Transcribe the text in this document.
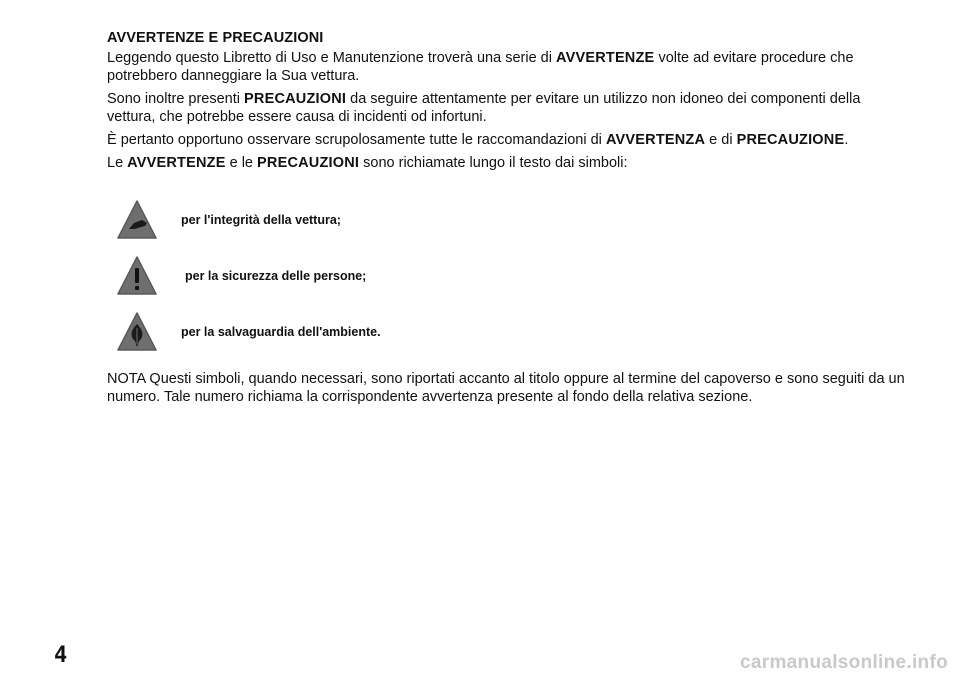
AVVERTENZE E PRECAUZIONI

Leggendo questo Libretto di Uso e Manutenzione troverà una serie di AVVERTENZE volte ad evitare procedure che potrebbero danneggiare la Sua vettura.

Sono inoltre presenti PRECAUZIONI da seguire attentamente per evitare un utilizzo non idoneo dei componenti della vettura, che potrebbe essere causa di incidenti od infortuni.

È pertanto opportuno osservare scrupolosamente tutte le raccomandazioni di AVVERTENZA e di PRECAUZIONE.

Le AVVERTENZE e le PRECAUZIONI sono richiamate lungo il testo dai simboli:

per l'integrità della vettura;
per la sicurezza delle persone;
per la salvaguardia dell'ambiente.

NOTA Questi simboli, quando necessari, sono riportati accanto al titolo oppure al termine del capoverso e sono seguiti da un numero. Tale numero richiama la corrispondente avvertenza presente al fondo della relativa sezione.

4	carmanualsonline.info
